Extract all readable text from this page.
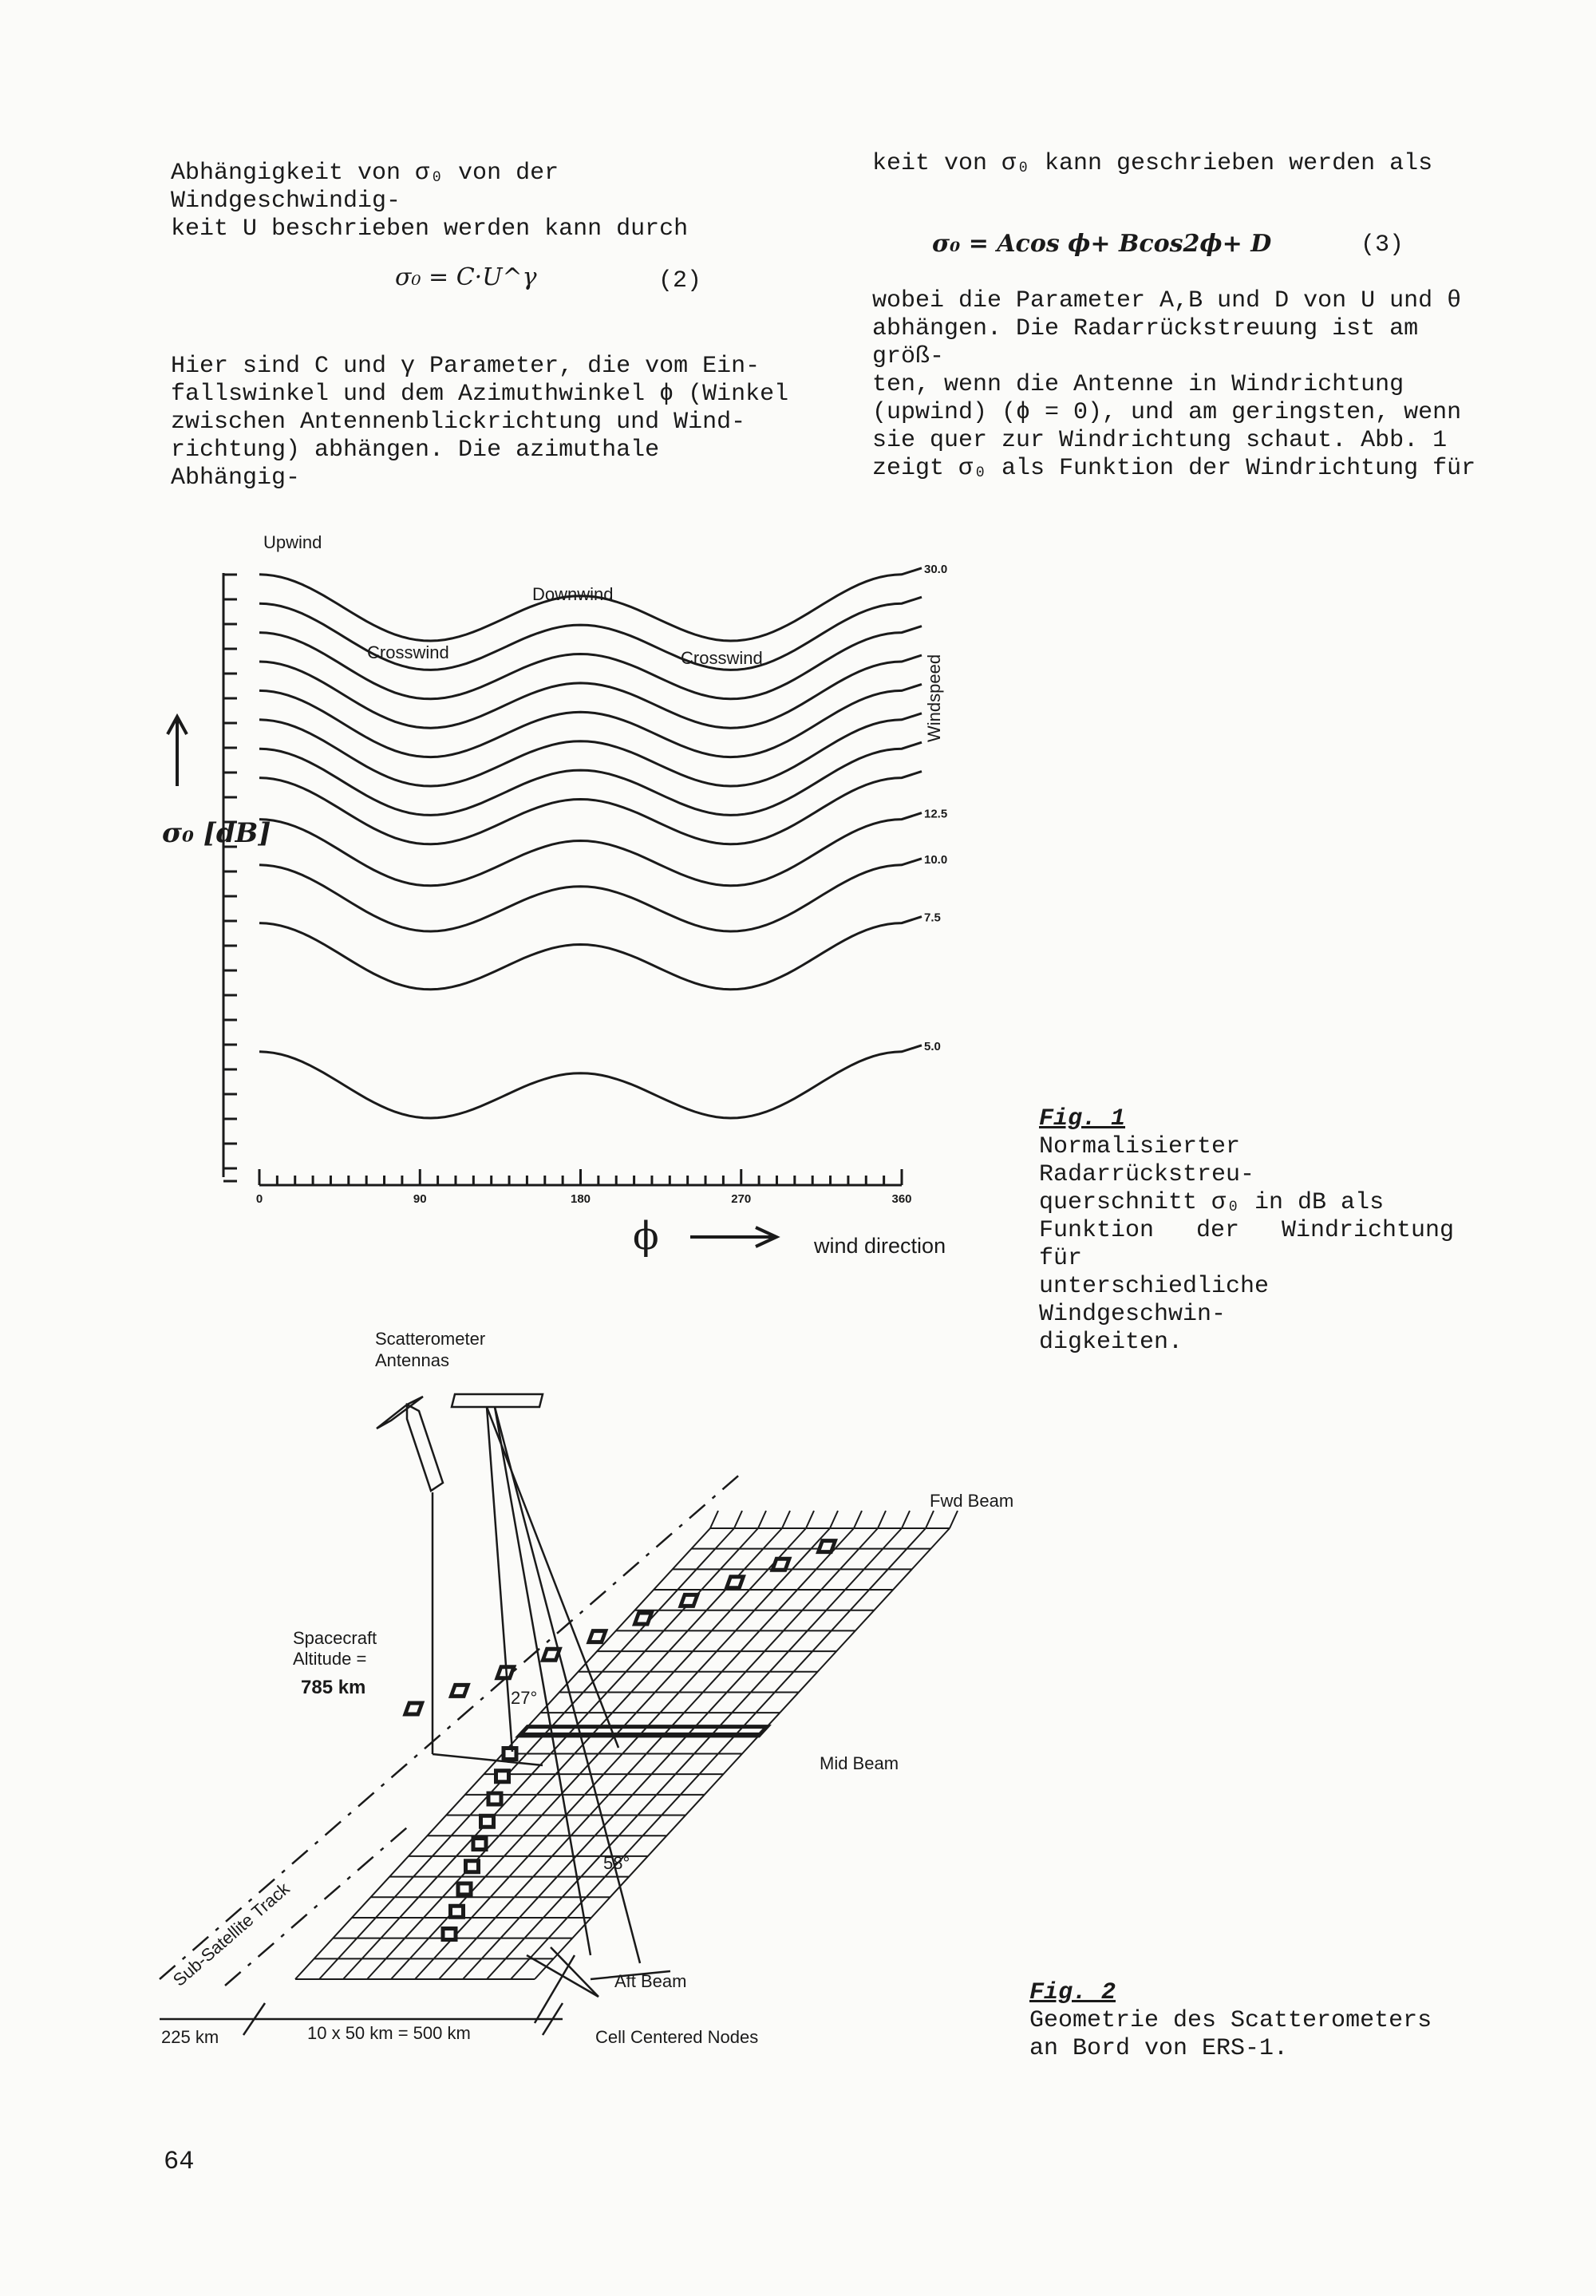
Abhängigkeit von σ₀ von der Windgeschwindig-
keit U beschrieben werden kann durch
σ₀ = C·U^γ	(2)
Hier sind C und γ Parameter, die vom Ein-
fallswinkel und dem Azimuthwinkel ϕ (Winkel
zwischen Antennenblickrichtung und Wind-
richtung) abhängen. Die azimuthale Abhängig-
keit von σ₀ kann geschrieben werden als
σ₀ = Acos ϕ+ Bcos2ϕ+ D	(3)
wobei die Parameter A,B und D von U und θ
abhängen. Die Radarrückstreuung ist am größ-
ten, wenn die Antenne in Windrichtung
(upwind) (ϕ = 0), und am geringsten, wenn
sie quer zur Windrichtung schaut. Abb. 1
zeigt σ₀ als Funktion der Windrichtung für
0	90	180	270	360
30.0
12.5
10.0
7.5
5.0
Upwind
Downwind
Crosswind	Crosswind	Windspeed
σ₀ [dB]
ϕ	wind direction
Fig. 1
Normalisierter Radarrückstreu-
querschnitt σ₀ in dB als
Funktion der Windrichtung für
unterschiedliche Windgeschwin-
digkeiten.
Scatterometer
Antennas
Spacecraft
Altitude =
785 km
Fwd Beam
Mid Beam
Aft Beam
27°
58°
Sub-Satellite Track
225 km	10 x 50 km = 500 km	Cell Centered Nodes
Fig. 2
Geometrie des Scatterometers
an Bord von ERS-1.
64
